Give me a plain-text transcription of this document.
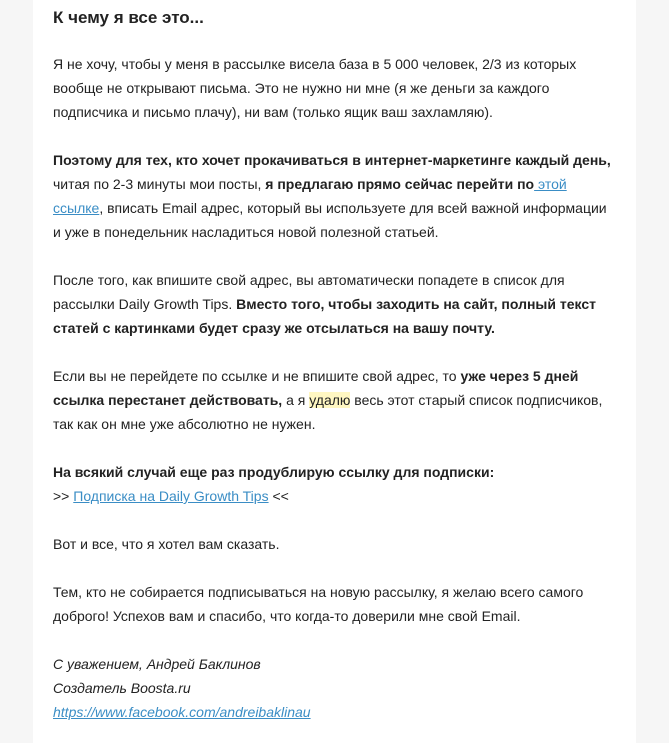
К чему я все это...

Я не хочу, чтобы у меня в рассылке висела база в 5 000 человек, 2/3 из которых вообще не открывают письма. Это не нужно ни мне (я же деньги за каждого подписчика и письмо плачу), ни вам (только ящик ваш захламляю).

Поэтому для тех, кто хочет прокачиваться в интернет-маркетинге каждый день, читая по 2-3 минуты мои посты, я предлагаю прямо сейчас перейти по этой ссылке, вписать Email адрес, который вы используете для всей важной информации и уже в понедельник насладиться новой полезной статьей.

После того, как впишите свой адрес, вы автоматически попадете в список для рассылки Daily Growth Tips. Вместо того, чтобы заходить на сайт, полный текст статей с картинками будет сразу же отсылаться на вашу почту.

Если вы не перейдете по ссылке и не впишите свой адрес, то уже через 5 дней ссылка перестанет действовать, а я удалю весь этот старый список подписчиков, так как он мне уже абсолютно не нужен.

На всякий случай еще раз продублирую ссылку для подписки:
>> Подписка на Daily Growth Tips <<

Вот и все, что я хотел вам сказать.

Тем, кто не собирается подписываться на новую рассылку, я желаю всего самого доброго! Успехов вам и спасибо, что когда-то доверили мне свой Email.

С уважением, Андрей Баклинов
Создатель Boosta.ru
https://www.facebook.com/andreibaklinau
